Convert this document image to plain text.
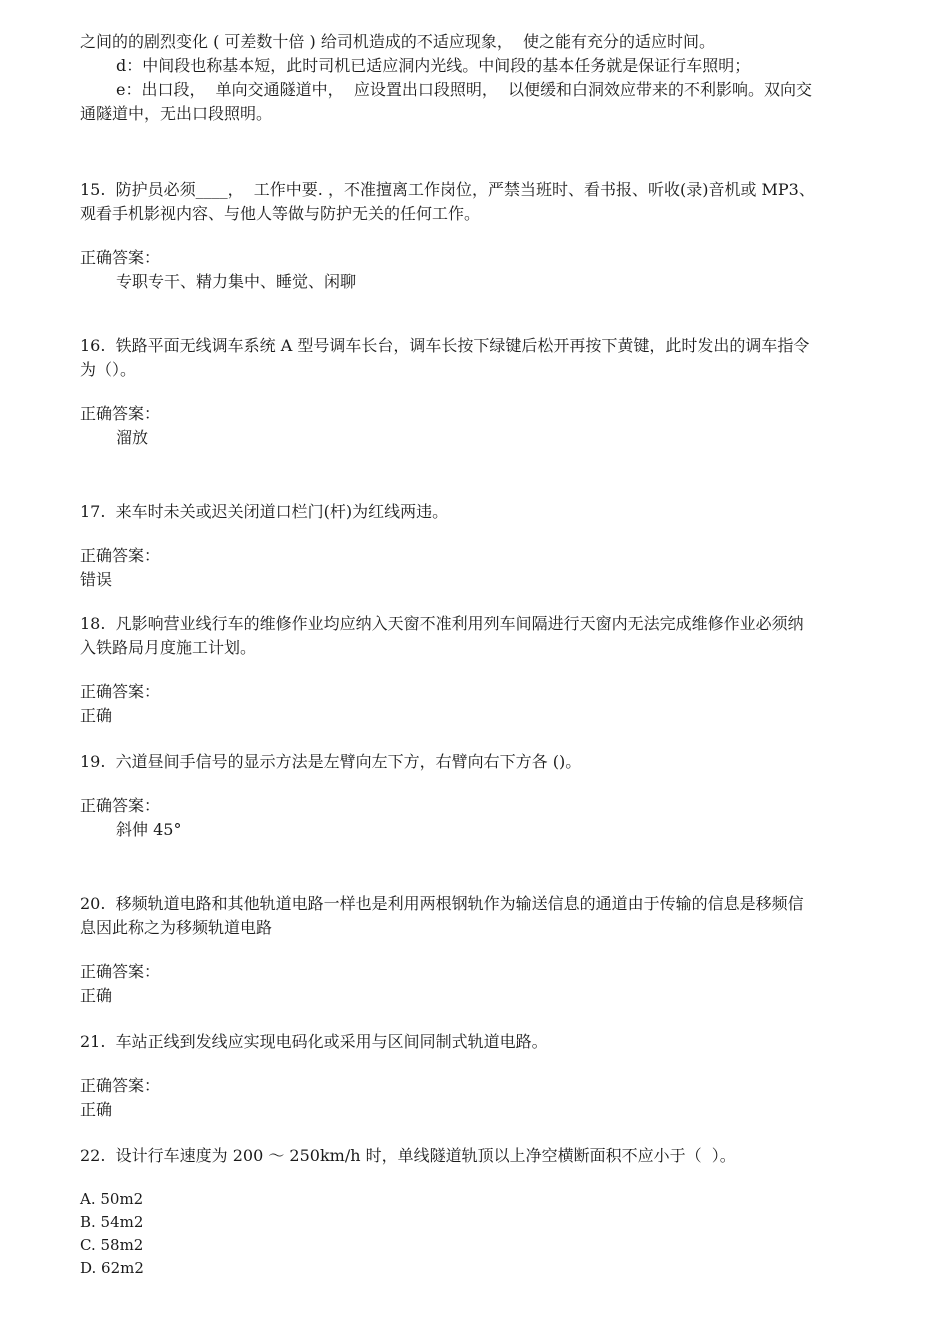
之间的的剧烈变化 ( 可差数十倍 ) 给司机造成的不适应现象，  使之能有充分的适应时间。
d：中间段也称基本短，此时司机已适应洞内光线。中间段的基本任务就是保证行车照明；
e：出口段，  单向交通隧道中，  应设置出口段照明，  以便缓和白洞效应带来的不利影响。双向交
通隧道中，无出口段照明。
15.  防护员必须____，  工作中要. ，不准擅离工作岗位，严禁当班时、看书报、听收(录)音机或 MP3、
观看手机影视内容、与他人等做与防护无关的任何工作。
正确答案：
专职专干、精力集中、睡觉、闲聊
16.  铁路平面无线调车系统 A 型号调车长台，调车长按下绿键后松开再按下黄键，此时发出的调车指令
为（）。
正确答案：
溜放
17.  来车时未关或迟关闭道口栏门(杆)为红线两违。
正确答案：
错误
18.  凡影响营业线行车的维修作业均应纳入天窗不准利用列车间隔进行天窗内无法完成维修作业必须纳
入铁路局月度施工计划。
正确答案：
正确
19.  六道昼间手信号的显示方法是左臂向左下方，右臂向右下方各 ()。
正确答案：
斜伸 45°
20.  移频轨道电路和其他轨道电路一样也是利用两根钢轨作为输送信息的通道由于传输的信息是移频信
息因此称之为移频轨道电路
正确答案：
正确
21.  车站正线到发线应实现电码化或采用与区间同制式轨道电路。
正确答案：
正确
22.  设计行车速度为 200 ～ 250km/h 时，单线隧道轨顶以上净空横断面积不应小于（  ）。
A. 50m2
B. 54m2
C. 58m2
D. 62m2
